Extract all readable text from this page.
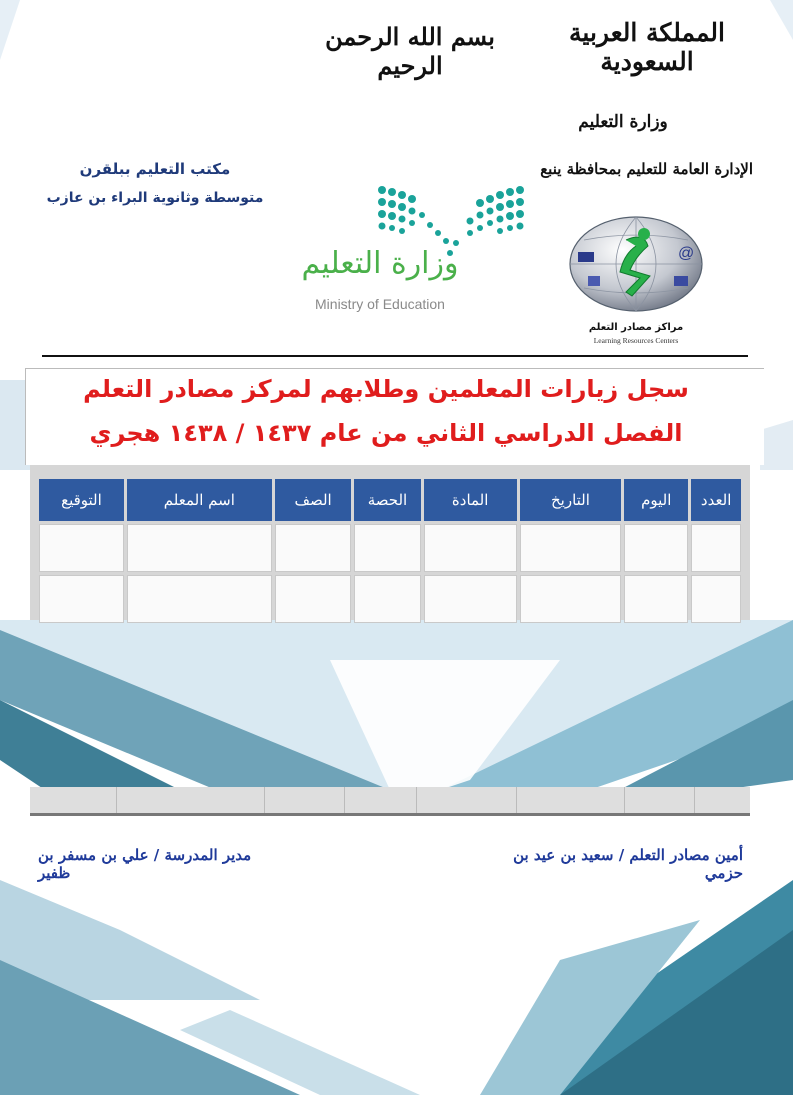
المملكة العربية السعودية
بسم الله الرحمن الرحيم
وزارة التعليم
الإدارة العامة للتعليم بمحافظة ينبع
مكتب التعليم ببلقرن
متوسطة وثانوية البراء بن عازب
وزارة التعليم
Ministry of Education
@
مراكز مصادر التعلم
Learning Resources Centers
سجل زيارات المعلمين وطلابهم لمركز مصادر التعلم
الفصل الدراسي الثاني من عام ١٤٣٧ / ١٤٣٨ هجري
العدد	اليوم	التاريخ	المادة	الحصة	الصف	اسم المعلم	التوقيع

مدير المدرسة / علي بن مسفر بن ظفير
أمين مصادر التعلم / سعيد بن عيد بن حزمي
